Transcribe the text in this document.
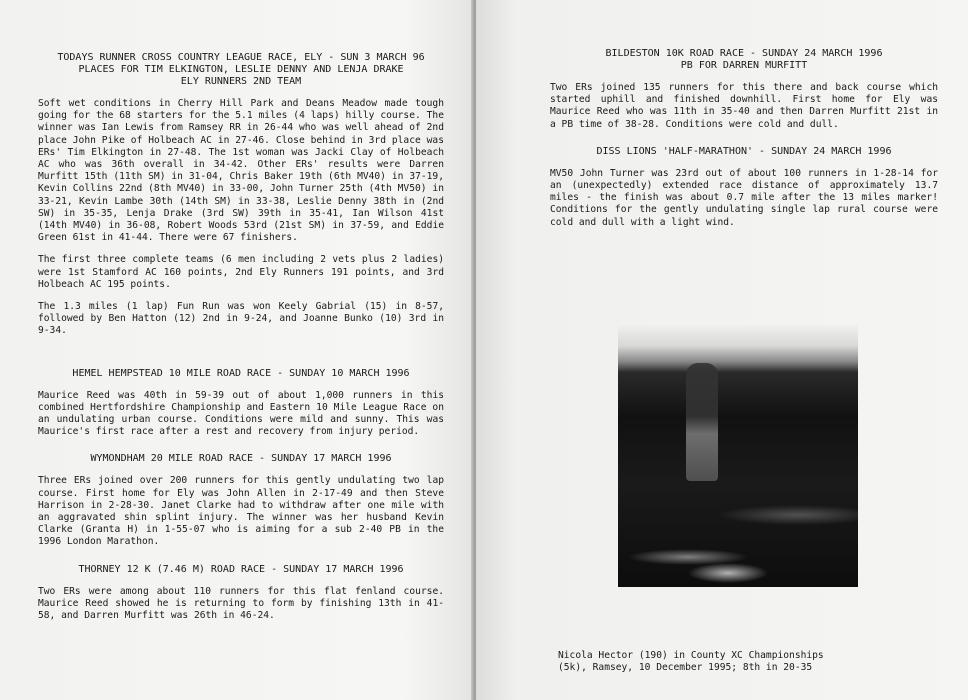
TODAYS RUNNER CROSS COUNTRY LEAGUE RACE, ELY - SUN 3 MARCH 96
PLACES FOR TIM ELKINGTON, LESLIE DENNY AND LENJA DRAKE
ELY RUNNERS 2ND TEAM

Soft wet conditions in Cherry Hill Park and Deans Meadow made tough going for the 68 starters for the 5.1 miles (4 laps) hilly course. The winner was Ian Lewis from Ramsey RR in 26-44 who was well ahead of 2nd place John Pike of Holbeach AC in 27-46. Close behind in 3rd place was ERs' Tim Elkington in 27-48. The 1st woman was Jacki Clay of Holbeach AC who was 36th overall in 34-42. Other ERs' results were Darren Murfitt 15th (11th SM) in 31-04, Chris Baker 19th (6th MV40) in 37-19, Kevin Collins 22nd (8th MV40) in 33-00, John Turner 25th (4th MV50) in 33-21, Kevin Lambe 30th (14th SM) in 33-38, Leslie Denny 38th in (2nd SW) in 35-35, Lenja Drake (3rd SW) 39th in 35-41, Ian Wilson 41st (14th MV40) in 36-08, Robert Woods 53rd (21st SM) in 37-59, and Eddie Green 61st in 41-44. There were 67 finishers.

The first three complete teams (6 men including 2 vets plus 2 ladies) were 1st Stamford AC 160 points, 2nd Ely Runners 191 points, and 3rd Holbeach AC 195 points.

The 1.3 miles (1 lap) Fun Run was won Keely Gabrial (15) in 8-57, followed by Ben Hatton (12) 2nd in 9-24, and Joanne Bunko (10) 3rd in 9-34.

HEMEL HEMPSTEAD 10 MILE ROAD RACE - SUNDAY 10 MARCH 1996

Maurice Reed was 40th in 59-39 out of about 1,000 runners in this combined Hertfordshire Championship and Eastern 10 Mile League Race on an undulating urban course. Conditions were mild and sunny. This was Maurice's first race after a rest and recovery from injury period.

WYMONDHAM 20 MILE ROAD RACE - SUNDAY 17 MARCH 1996

Three ERs joined over 200 runners for this gently undulating two lap course. First home for Ely was John Allen in 2-17-49 and then Steve Harrison in 2-28-30. Janet Clarke had to withdraw after one mile with an aggravated shin splint injury. The winner was her husband Kevin Clarke (Granta H) in 1-55-07 who is aiming for a sub 2-40 PB in the 1996 London Marathon.

THORNEY 12 K (7.46 M) ROAD RACE - SUNDAY 17 MARCH 1996

Two ERs were among about 110 runners for this flat fenland course. Maurice Reed showed he is returning to form by finishing 13th in 41-58, and Darren Murfitt was 26th in 46-24.

BILDESTON 10K ROAD RACE - SUNDAY 24 MARCH 1996
PB FOR DARREN MURFITT

Two ERs joined 135 runners for this there and back course which started uphill and finished downhill. First home for Ely was Maurice Reed who was 11th in 35-40 and then Darren Murfitt 21st in a PB time of 38-28. Conditions were cold and dull.

DISS LIONS 'HALF-MARATHON' - SUNDAY 24 MARCH 1996

MV50 John Turner was 23rd out of about 100 runners in 1-28-14 for an (unexpectedly) extended race distance of approximately 13.7 miles - the finish was about 0.7 mile after the 13 miles marker! Conditions for the gently undulating single lap rural course were cold and dull with a light wind.

Nicola Hector (190) in County XC Championships
(5k), Ramsey, 10 December 1995; 8th in 20-35
